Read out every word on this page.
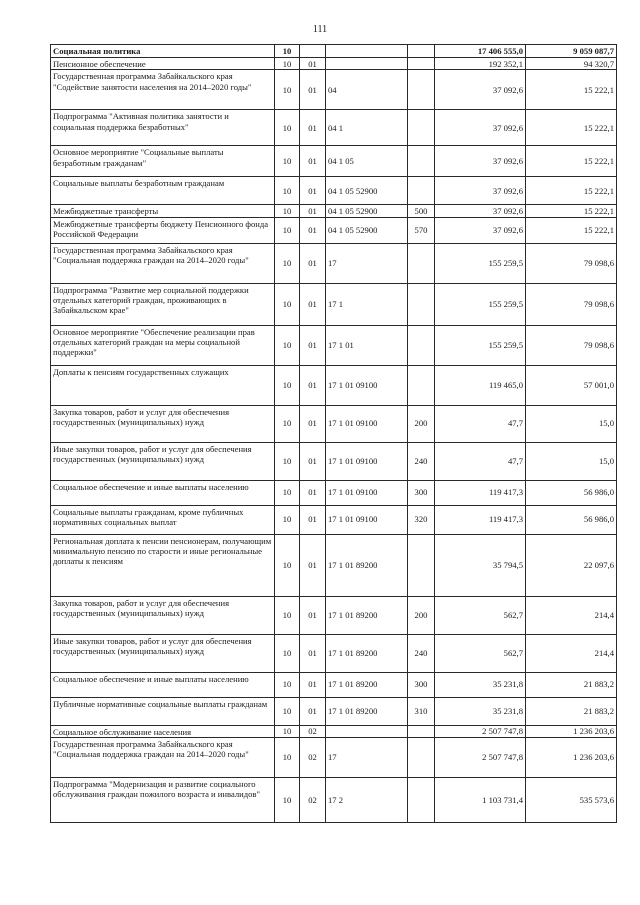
111
Социальная политика	10				17 406 555,0	9 059 087,7
Пенсионное обеспечение	10	01			192 352,1	94 320,7
Государственная программа Забайкальского края "Содействие занятости населения на 2014–2020 годы"	10	01	04		37 092,6	15 222,1
Подпрограмма "Активная политика занятости и социальная поддержка безработных"	10	01	04 1		37 092,6	15 222,1
Основное мероприятие "Социальные выплаты безработным гражданам"	10	01	04 1 05		37 092,6	15 222,1
Социальные выплаты безработным гражданам	10	01	04 1 05 52900		37 092,6	15 222,1
Межбюджетные трансферты	10	01	04 1 05 52900	500	37 092,6	15 222,1
Межбюджетные трансферты бюджету Пенсионного фонда Российской Федерации	10	01	04 1 05 52900	570	37 092,6	15 222,1
Государственная программа Забайкальского края "Социальная поддержка граждан на 2014–2020 годы"	10	01	17		155 259,5	79 098,6
Подпрограмма "Развитие мер социальной поддержки отдельных категорий граждан, проживающих в Забайкальском крае"	10	01	17 1		155 259,5	79 098,6
Основное мероприятие "Обеспечение реализации прав отдельных категорий граждан на меры социальной поддержки"	10	01	17 1 01		155 259,5	79 098,6
Доплаты к пенсиям государственных служащих	10	01	17 1 01 09100		119 465,0	57 001,0
Закупка товаров, работ и услуг для обеспечения государственных (муниципальных) нужд	10	01	17 1 01 09100	200	47,7	15,0
Иные закупки товаров, работ и услуг для обеспечения государственных (муниципальных) нужд	10	01	17 1 01 09100	240	47,7	15,0
Социальное обеспечение и иные выплаты населению	10	01	17 1 01 09100	300	119 417,3	56 986,0
Социальные выплаты гражданам, кроме публичных нормативных социальных выплат	10	01	17 1 01 09100	320	119 417,3	56 986,0
Региональная доплата к пенсии пенсионерам, получающим минимальную пенсию по старости и иные региональные доплаты к пенсиям	10	01	17 1 01 89200		35 794,5	22 097,6
Закупка товаров, работ и услуг для обеспечения государственных (муниципальных) нужд	10	01	17 1 01 89200	200	562,7	214,4
Иные закупки товаров, работ и услуг для обеспечения государственных (муниципальных) нужд	10	01	17 1 01 89200	240	562,7	214,4
Социальное обеспечение и иные выплаты населению	10	01	17 1 01 89200	300	35 231,8	21 883,2
Публичные нормативные социальные выплаты гражданам	10	01	17 1 01 89200	310	35 231,8	21 883,2
Социальное обслуживание населения	10	02			2 507 747,8	1 236 203,6
Государственная программа Забайкальского края "Социальная поддержка граждан на 2014–2020 годы"	10	02	17		2 507 747,8	1 236 203,6
Подпрограмма "Модернизация и развитие социального обслуживания граждан пожилого возраста и инвалидов"	10	02	17 2		1 103 731,4	535 573,6
